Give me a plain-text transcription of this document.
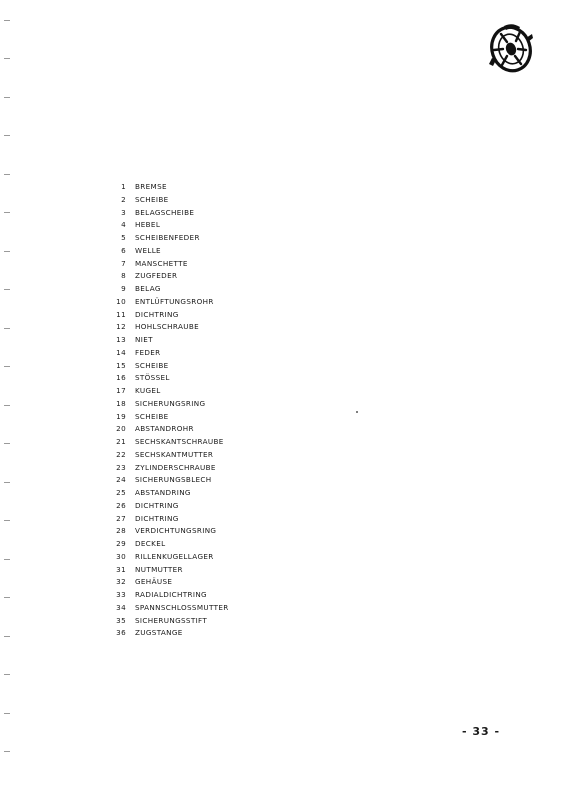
1	BREMSE
2	SCHEIBE
3	BELAGSCHEIBE
4	HEBEL
5	SCHEIBENFEDER
6	WELLE
7	MANSCHETTE
8	ZUGFEDER
9	BELAG
10	ENTLÜFTUNGSROHR
11	DICHTRING
12	HOHLSCHRAUBE
13	NIET
14	FEDER
15	SCHEIBE
16	STÖSSEL
17	KUGEL
18	SICHERUNGSRING
19	SCHEIBE
20	ABSTANDROHR
21	SECHSKANTSCHRAUBE
22	SECHSKANTMUTTER
23	ZYLINDERSCHRAUBE
24	SICHERUNGSBLECH
25	ABSTANDRING
26	DICHTRING
27	DICHTRING
28	VERDICHTUNGSRING
29	DECKEL
30	RILLENKUGELLAGER
31	NUTMUTTER
32	GEHÄUSE
33	RADIALDICHTRING
34	SPANNSCHLOSSMUTTER
35	SICHERUNGSSTIFT
36	ZUGSTANGE
- 33 -
